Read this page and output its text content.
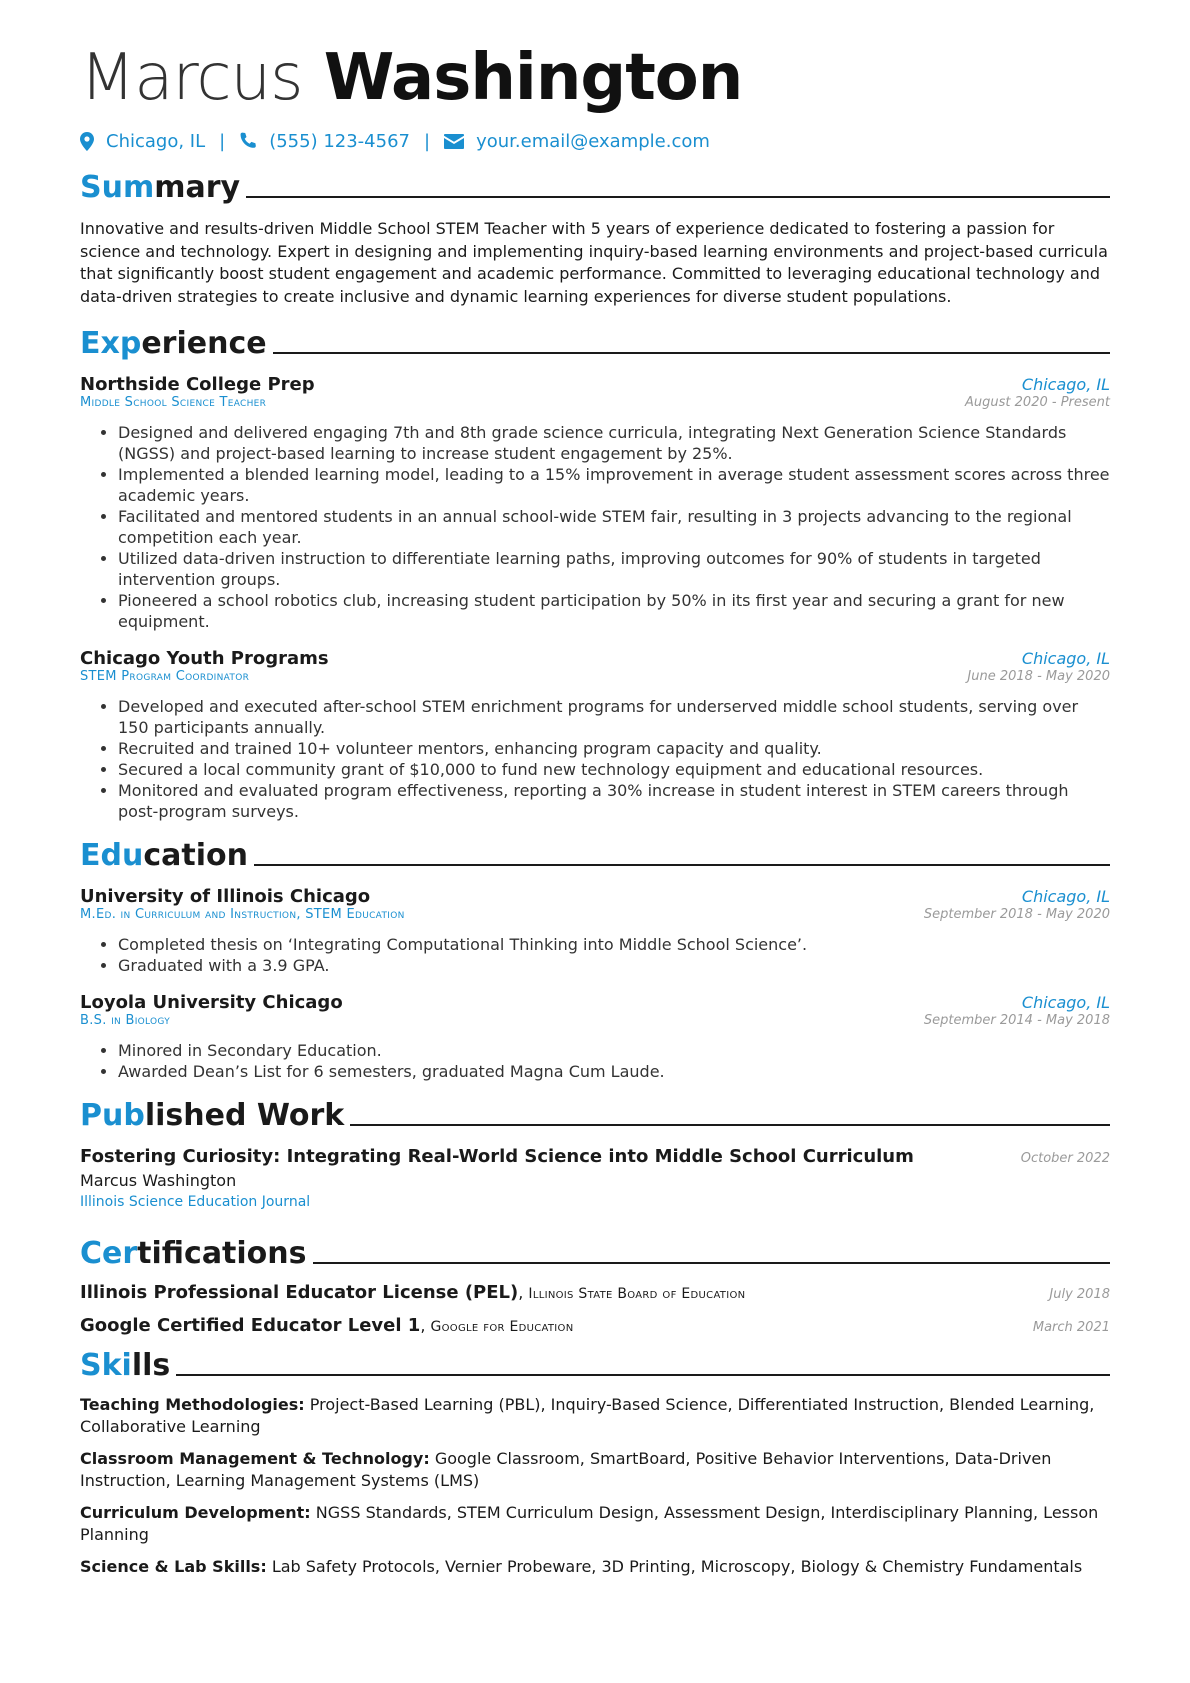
Marcus Washington
Chicago, IL | (555) 123-4567 |	your.email@example.com
Summary
Innovative and results-driven Middle School STEM Teacher with 5 years of experience dedicated to fostering a passion for science and technology. Expert in designing and implementing inquiry-based learning environments and project-based curricula that significantly boost student engagement and academic performance. Committed to leveraging educational technology and data-driven strategies to create inclusive and dynamic learning experiences for diverse student populations.
Experience
Northside College Prep	Chicago, IL
Middle School Science Teacher	August 2020 - Present
• Designed and delivered engaging 7th and 8th grade science curricula, integrating Next Generation Science Standards (NGSS) and project-based learning to increase student engagement by 25%.
• Implemented a blended learning model, leading to a 15% improvement in average student assessment scores across three academic years.
• Facilitated and mentored students in an annual school-wide STEM fair, resulting in 3 projects advancing to the regional competition each year.
• Utilized data-driven instruction to differentiate learning paths, improving outcomes for 90% of students in targeted intervention groups.
• Pioneered a school robotics club, increasing student participation by 50% in its first year and securing a grant for new equipment.
Chicago Youth Programs	Chicago, IL
STEM Program Coordinator	June 2018 - May 2020
• Developed and executed after-school STEM enrichment programs for underserved middle school students, serving over 150 participants annually.
• Recruited and trained 10+ volunteer mentors, enhancing program capacity and quality.
• Secured a local community grant of $10,000 to fund new technology equipment and educational resources.
• Monitored and evaluated program effectiveness, reporting a 30% increase in student interest in STEM careers through post-program surveys.
Education
University of Illinois Chicago	Chicago, IL
M.Ed. in Curriculum and Instruction, STEM Education	September 2018 - May 2020
• Completed thesis on ‘Integrating Computational Thinking into Middle School Science’.
• Graduated with a 3.9 GPA.
Loyola University Chicago	Chicago, IL
B.S. in Biology	September 2014 - May 2018
• Minored in Secondary Education.
• Awarded Dean’s List for 6 semesters, graduated Magna Cum Laude.
Published Work
Fostering Curiosity: Integrating Real-World Science into Middle School Curriculum	October 2022
Marcus Washington
Illinois Science Education Journal
Certifications
Illinois Professional Educator License (PEL), Illinois State Board of Education	July 2018
Google Certified Educator Level 1, Google for Education	March 2021
Skills
Teaching Methodologies: Project-Based Learning (PBL), Inquiry-Based Science, Differentiated Instruction, Blended Learning, Collaborative Learning
Classroom Management & Technology: Google Classroom, SmartBoard, Positive Behavior Interventions, Data-Driven Instruction, Learning Management Systems (LMS)
Curriculum Development: NGSS Standards, STEM Curriculum Design, Assessment Design, Interdisciplinary Planning, Lesson Planning
Science & Lab Skills: Lab Safety Protocols, Vernier Probeware, 3D Printing, Microscopy, Biology & Chemistry Fundamentals
